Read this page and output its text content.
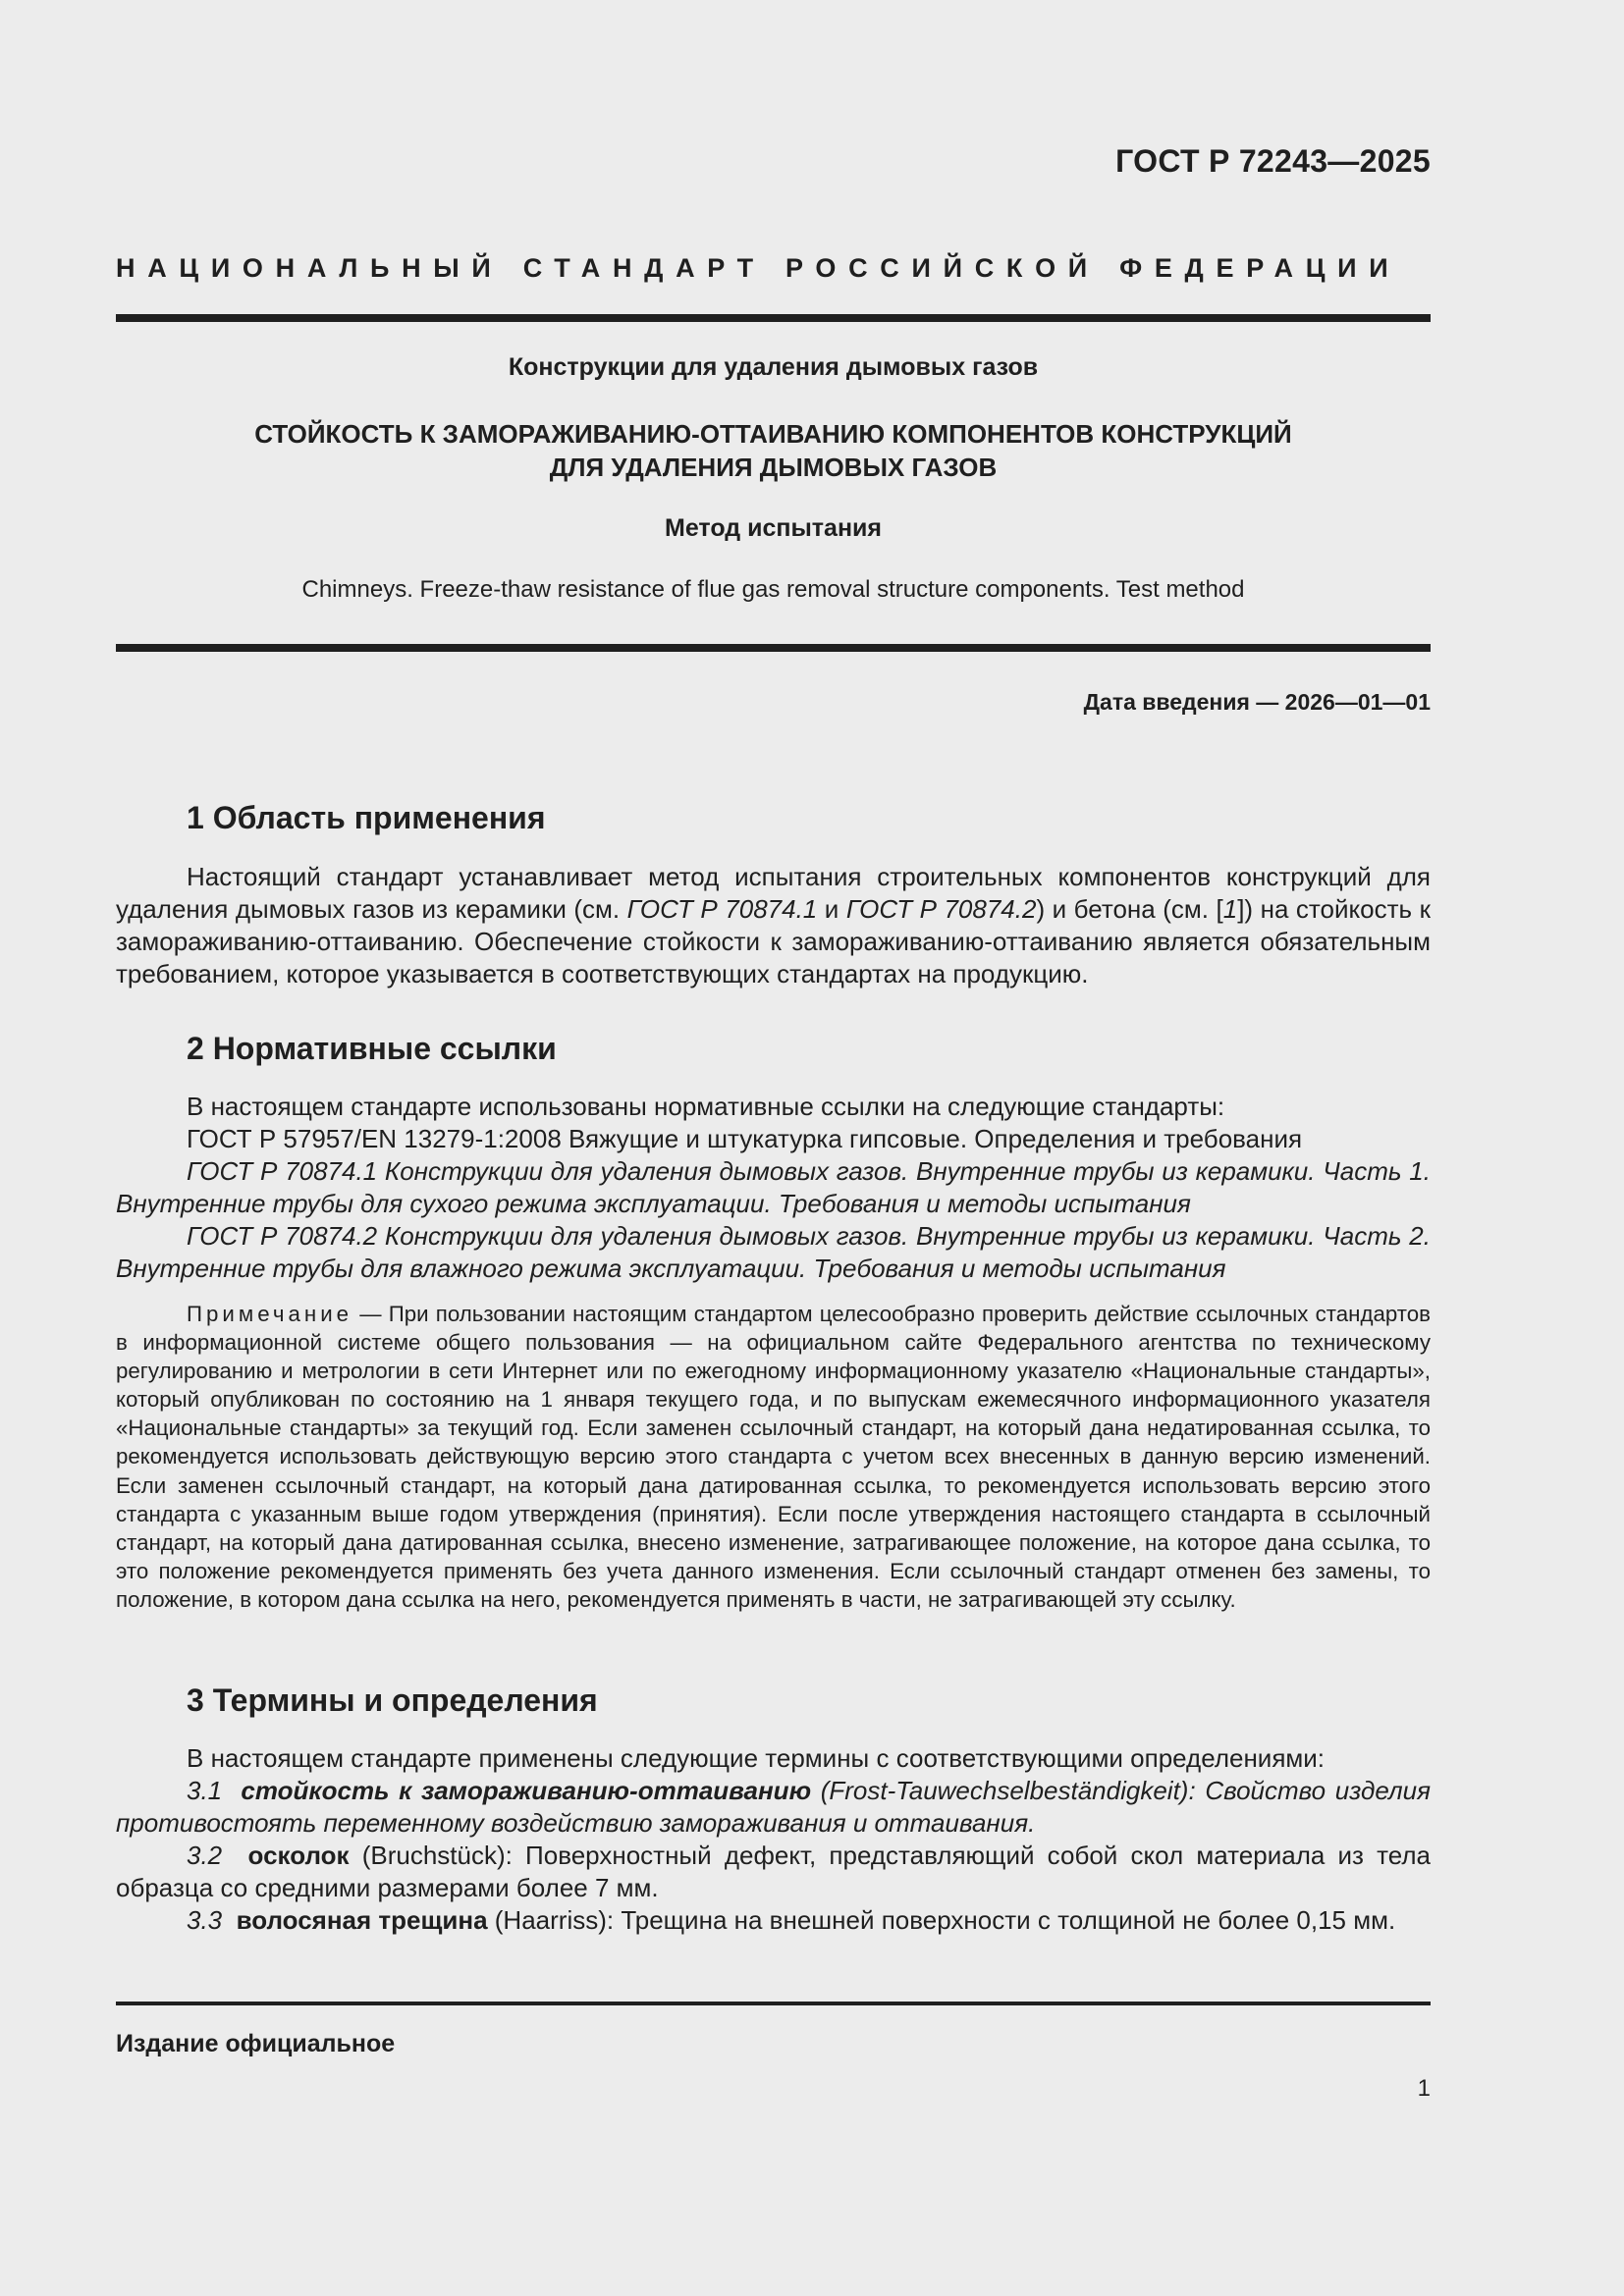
ГОСТ Р 72243—2025
НАЦИОНАЛЬНЫЙ СТАНДАРТ РОССИЙСКОЙ ФЕДЕРАЦИИ
Конструкции для удаления дымовых газов
СТОЙКОСТЬ К ЗАМОРАЖИВАНИЮ-ОТТАИВАНИЮ КОМПОНЕНТОВ КОНСТРУКЦИЙ
ДЛЯ УДАЛЕНИЯ ДЫМОВЫХ ГАЗОВ
Метод испытания
Chimneys. Freeze-thaw resistance of flue gas removal structure components. Test method
Дата введения — 2026—01—01
1 Область применения

Настоящий стандарт устанавливает метод испытания строительных компонентов конструкций для удаления дымовых газов из керамики (см. ГОСТ Р 70874.1 и ГОСТ Р 70874.2) и бетона (см. [1]) на стойкость к замораживанию-оттаиванию. Обеспечение стойкости к замораживанию-оттаиванию является обязательным требованием, которое указывается в соответствующих стандартах на продукцию.

2 Нормативные ссылки

В настоящем стандарте использованы нормативные ссылки на следующие стандарты:

ГОСТ Р 57957/EN 13279-1:2008 Вяжущие и штукатурка гипсовые. Определения и требования

ГОСТ Р 70874.1 Конструкции для удаления дымовых газов. Внутренние трубы из керамики. Часть 1. Внутренние трубы для сухого режима эксплуатации. Требования и методы испытания

ГОСТ Р 70874.2 Конструкции для удаления дымовых газов. Внутренние трубы из керамики. Часть 2. Внутренние трубы для влажного режима эксплуатации. Требования и методы испытания

Примечание — При пользовании настоящим стандартом целесообразно проверить действие ссылочных стандартов в информационной системе общего пользования — на официальном сайте Федерального агентства по техническому регулированию и метрологии в сети Интернет или по ежегодному информационному указателю «Национальные стандарты», который опубликован по состоянию на 1 января текущего года, и по выпускам ежемесячного информационного указателя «Национальные стандарты» за текущий год. Если заменен ссылочный стандарт, на который дана недатированная ссылка, то рекомендуется использовать действующую версию этого стандарта с учетом всех внесенных в данную версию изменений. Если заменен ссылочный стандарт, на который дана датированная ссылка, то рекомендуется использовать версию этого стандарта с указанным выше годом утверждения (принятия). Если после утверждения настоящего стандарта в ссылочный стандарт, на который дана датированная ссылка, внесено изменение, затрагивающее положение, на которое дана ссылка, то это положение рекомендуется применять без учета данного изменения. Если ссылочный стандарт отменен без замены, то положение, в котором дана ссылка на него, рекомендуется применять в части, не затрагивающей эту ссылку.

3 Термины и определения

В настоящем стандарте применены следующие термины с соответствующими определениями:

3.1 стойкость к замораживанию-оттаиванию (Frost-Tauwechselbeständigkeit): Свойство изделия противостоять переменному воздействию замораживания и оттаивания.

3.2 осколок (Bruchstück): Поверхностный дефект, представляющий собой скол материала из тела образца со средними размерами более 7 мм.

3.3 волосяная трещина (Haarriss): Трещина на внешней поверхности с толщиной не более 0,15 мм.

Издание официальное
1
